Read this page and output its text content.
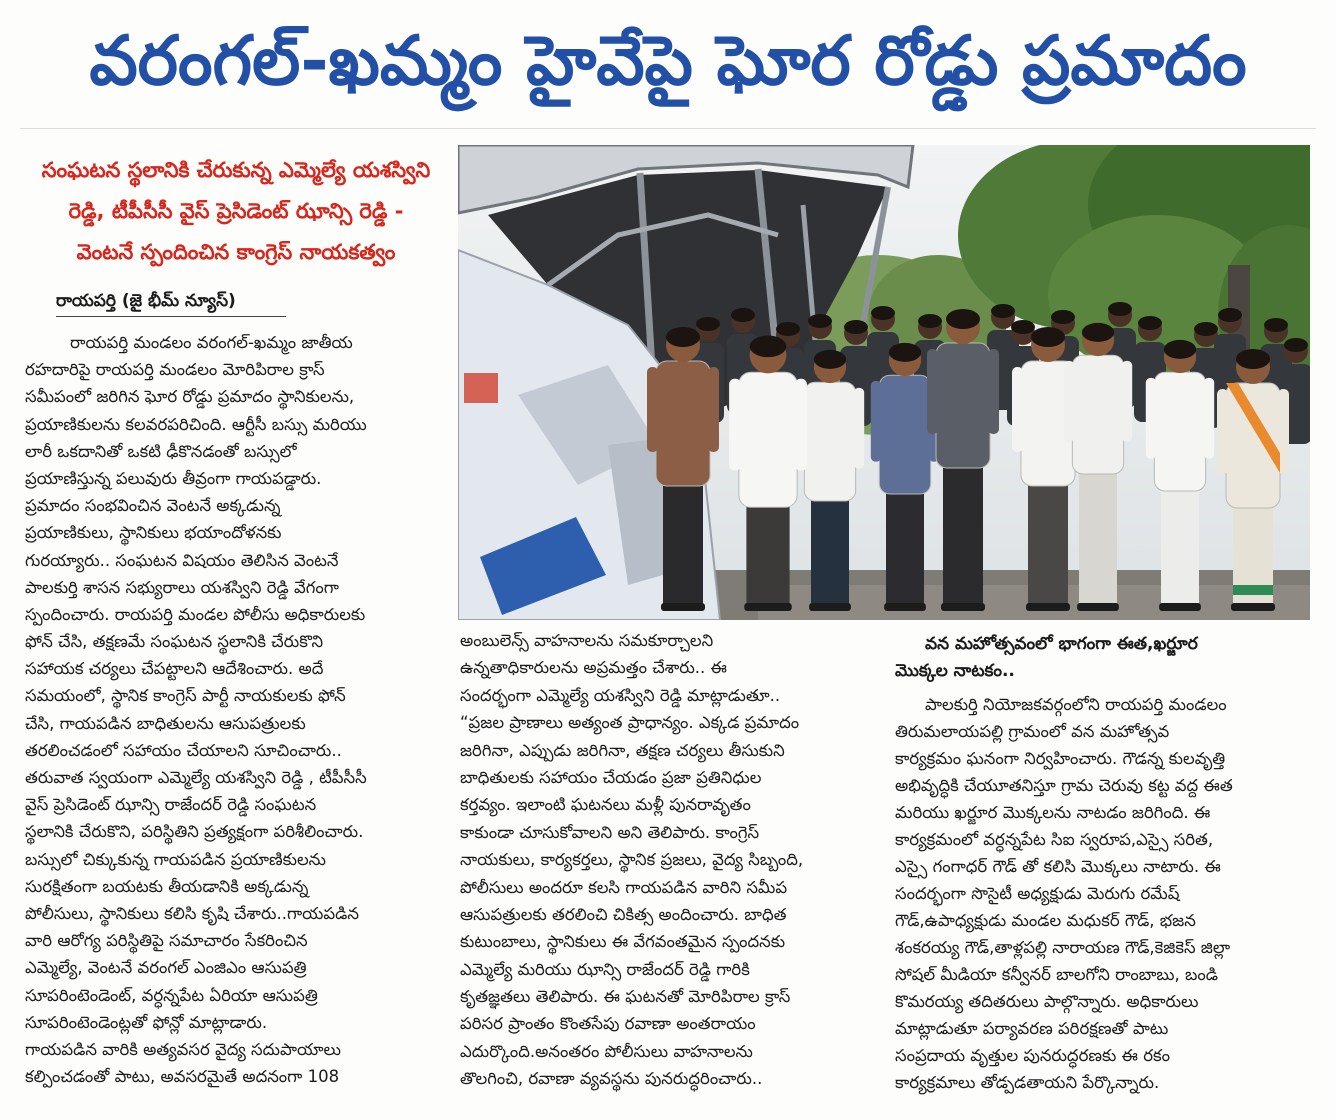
వరంగల్-ఖమ్మం హైవేపై ఘోర రోడ్డు ప్రమాదం
సంఘటన స్థలానికి చేరుకున్న ఎమ్మెల్యే యశస్విని
రెడ్డి, టీపీసీసీ వైస్ ప్రెసిడెంట్ ఝాన్సి రెడ్డి -
వెంటనే స్పందించిన కాంగ్రెస్ నాయకత్వం
రాయపర్తి (జై భీమ్ న్యూస్)
రాయపర్తి మండలం వరంగల్-ఖమ్మం జాతీయ
రహదారిపై రాయపర్తి మండలం మోరిపిరాల క్రాస్
సమీపంలో జరిగిన ఘోర రోడ్డు ప్రమాదం స్థానికులను,
ప్రయాణికులను కలవరపరిచింది. ఆర్టీసీ బస్సు మరియు
లారీ ఒకదానితో ఒకటి ఢీకొనడంతో బస్సులో
ప్రయాణిస్తున్న పలువురు తీవ్రంగా గాయపడ్డారు.
ప్రమాదం సంభవించిన వెంటనే అక్కడున్న
ప్రయాణికులు, స్థానికులు భయాందోళనకు
గురయ్యారు.. సంఘటన విషయం తెలిసిన వెంటనే
పాలకుర్తి శాసన సభ్యురాలు యశస్విని రెడ్డి వేగంగా
స్పందించారు. రాయపర్తి మండల పోలీసు అధికారులకు
ఫోన్ చేసి, తక్షణమే సంఘటన స్థలానికి చేరుకొని
సహాయక చర్యలు చేపట్టాలని ఆదేశించారు. అదే
సమయంలో, స్థానిక కాంగ్రెస్ పార్టీ నాయకులకు ఫోన్
చేసి, గాయపడిన బాధితులను ఆసుపత్రులకు
తరలించడంలో సహాయం చేయాలని సూచించారు..
తరువాత స్వయంగా ఎమ్మెల్యే యశస్విని రెడ్డి , టీపీసీసీ
వైస్ ప్రెసిడెంట్ ఝాన్సి రాజేందర్ రెడ్డి సంఘటన
స్థలానికి చేరుకొని, పరిస్థితిని ప్రత్యక్షంగా పరిశీలించారు.
బస్సులో చిక్కుకున్న గాయపడిన ప్రయాణికులను
సురక్షితంగా బయటకు తీయడానికి అక్కడున్న
పోలీసులు, స్థానికులు కలిసి కృషి చేశారు..గాయపడిన
వారి ఆరోగ్య పరిస్థితిపై సమాచారం సేకరించిన
ఎమ్మెల్యే, వెంటనే వరంగల్ ఎంజిఎం ఆసుపత్రి
సూపరింటెండెంట్, వర్ధన్నపేట ఏరియా ఆసుపత్రి
సూపరింటెండెంట్లతో ఫోన్లో మాట్లాడారు.
గాయపడిన వారికి అత్యవసర వైద్య సదుపాయాలు
కల్పించడంతో పాటు, అవసరమైతే అదనంగా 108
అంబులెన్స్ వాహనాలను సమకూర్చాలని
ఉన్నతాధికారులను అప్రమత్తం చేశారు.. ఈ
సందర్భంగా ఎమ్మెల్యే యశస్విని రెడ్డి మాట్లాడుతూ..
“ప్రజల ప్రాణాలు అత్యంత ప్రాధాన్యం. ఎక్కడ ప్రమాదం
జరిగినా, ఎప్పుడు జరిగినా, తక్షణ చర్యలు తీసుకుని
బాధితులకు సహాయం చేయడం ప్రజా ప్రతినిధుల
కర్తవ్యం. ఇలాంటి ఘటనలు మళ్లీ పునరావృతం
కాకుండా చూసుకోవాలని అని తెలిపారు. కాంగ్రెస్
నాయకులు, కార్యకర్తలు, స్థానిక ప్రజలు, వైద్య సిబ్బంది,
పోలీసులు అందరూ కలసి గాయపడిన వారిని సమీప
ఆసుపత్రులకు తరలించి చికిత్స అందించారు. బాధిత
కుటుంబాలు, స్థానికులు ఈ వేగవంతమైన స్పందనకు
ఎమ్మెల్యే మరియు ఝాన్సి రాజేందర్ రెడ్డి గారికి
కృతజ్ఞతలు తెలిపారు. ఈ ఘటనతో మోరిపిరాల క్రాస్
పరిసర ప్రాంతం కొంతసేపు రవాణా అంతరాయం
ఎదుర్కొంది.అనంతరం పోలీసులు వాహనాలను
తొలగించి, రవాణా వ్యవస్థను పునరుద్ధరించారు..
వన మహోత్సవంలో భాగంగా ఈత,ఖర్జూర
మొక్కల నాటకం..
పాలకుర్తి నియోజకవర్గంలోని రాయపర్తి మండలం
తిరుమలాయపల్లి గ్రామంలో వన మహోత్సవ
కార్యక్రమం ఘనంగా నిర్వహించారు. గౌడన్న కులవృత్తి
అభివృద్ధికి చేయూతనిస్తూ గ్రామ చెరువు కట్ట వద్ద ఈత
మరియు ఖర్జూర మొక్కలను నాటడం జరిగింది. ఈ
కార్యక్రమంలో వర్ధన్నపేట సిఐ స్వరూప,ఎస్సై సరిత,
ఎస్సై గంగాధర్ గౌడ్ తో కలిసి మొక్కలు నాటారు. ఈ
సందర్భంగా సొసైటీ అధ్యక్షుడు మెరుగు రమేష్
గౌడ్,ఉపాధ్యక్షుడు మండల మధుకర్ గౌడ్, భజన
శంకరయ్య గౌడ్,తాళ్లపల్లి నారాయణ గౌడ్,కెజికెస్ జిల్లా
సోషల్ మీడియా కన్వీనర్ బాలగోని రాంబాబు, బండి
కొమరయ్య తదితరులు పాల్గొన్నారు. అధికారులు
మాట్లాడుతూ పర్యావరణ పరిరక్షణతో పాటు
సంప్రదాయ వృత్తుల పునరుద్ధరణకు ఈ రకం
కార్యక్రమాలు తోడ్పడతాయని పేర్కొన్నారు.
